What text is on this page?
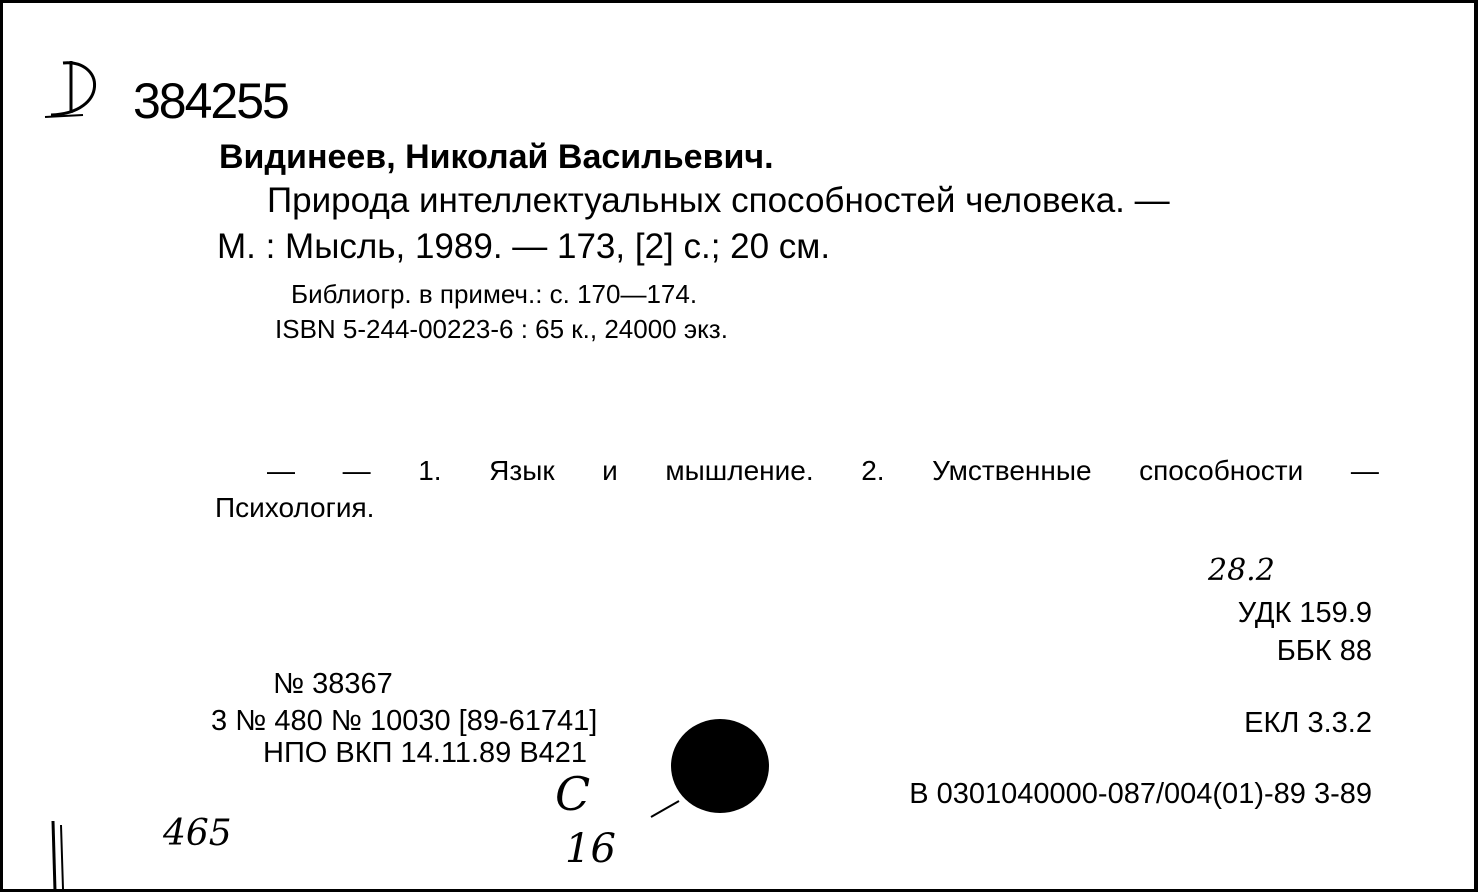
384255
Видинеев, Николай Васильевич.
Природа интеллектуальных способностей человека. —
М. : Мысль, 1989. — 173, [2] с.; 20 см.
Библиогр. в примеч.: с. 170—174.
ISBN 5-244-00223-6 : 65 к., 24000 экз.
— — 1. Язык и мышление. 2. Умственные способности —
Психология.
28.2
УДК 159.9
ББК 88
ЕКЛ 3.3.2
В 0301040000-087/004(01)-89 3-89
№ 38367
3 № 480 № 10030 [89-61741]
НПО ВКП 14.11.89 В421
С
16
465
